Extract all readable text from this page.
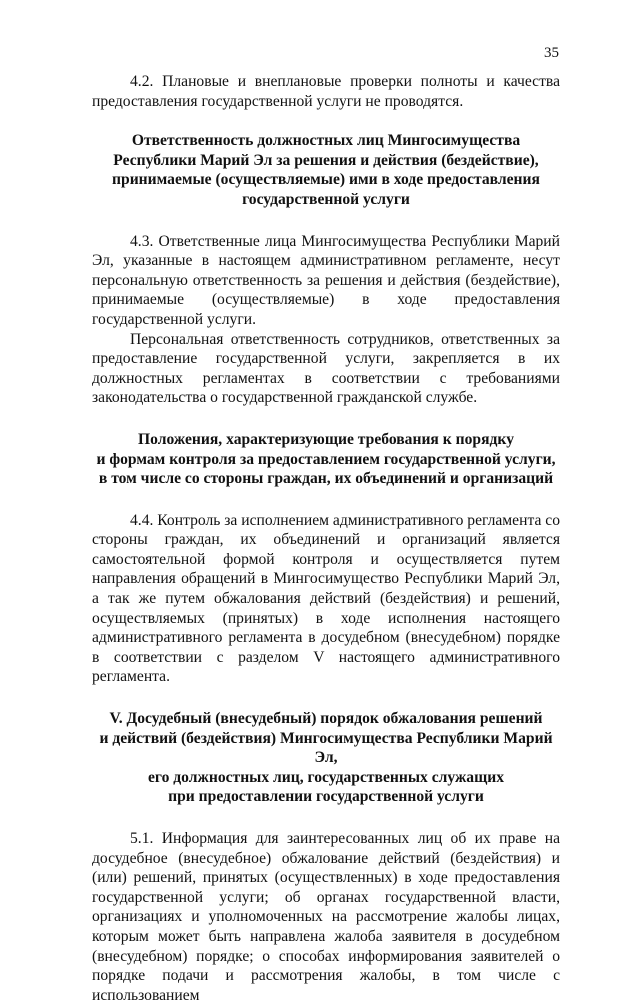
35

4.2. Плановые и внеплановые проверки полноты и качества предоставления государственной услуги не проводятся.

Ответственность должностных лиц Мингосимущества
Республики Марий Эл за решения и действия (бездействие),
принимаемые (осуществляемые) ими в ходе предоставления
государственной услуги

4.3. Ответственные лица Мингосимущества Республики Марий Эл, указанные в настоящем административном регламенте, несут персональную ответственность за решения и действия (бездействие), принимаемые (осуществляемые) в ходе предоставления государственной услуги.

Персональная ответственность сотрудников, ответственных за предоставление государственной услуги, закрепляется в их должностных регламентах в соответствии с требованиями законодательства о государственной гражданской службе.

Положения, характеризующие требования к порядку
и формам контроля за предоставлением государственной услуги,
в том числе со стороны граждан, их объединений и организаций

4.4. Контроль за исполнением административного регламента со стороны граждан, их объединений и организаций является самостоятельной формой контроля и осуществляется путем направления обращений в Мингосимущество Республики Марий Эл, а так же путем обжалования действий (бездействия) и решений, осуществляемых (принятых) в ходе исполнения настоящего административного регламента в досудебном (внесудебном) порядке в соответствии с разделом V настоящего административного регламента.

V. Досудебный (внесудебный) порядок обжалования решений
и действий (бездействия) Мингосимущества Республики Марий Эл,
его должностных лиц, государственных служащих
при предоставлении государственной услуги

5.1. Информация для заинтересованных лиц об их праве на досудебное (внесудебное) обжалование действий (бездействия) и (или) решений, принятых (осуществленных) в ходе предоставления государственной услуги; об органах государственной власти, организациях и уполномоченных на рассмотрение жалобы лицах, которым может быть направлена жалоба заявителя в досудебном (внесудебном) порядке; о способах информирования заявителей о порядке подачи и рассмотрения жалобы, в том числе с использованием
